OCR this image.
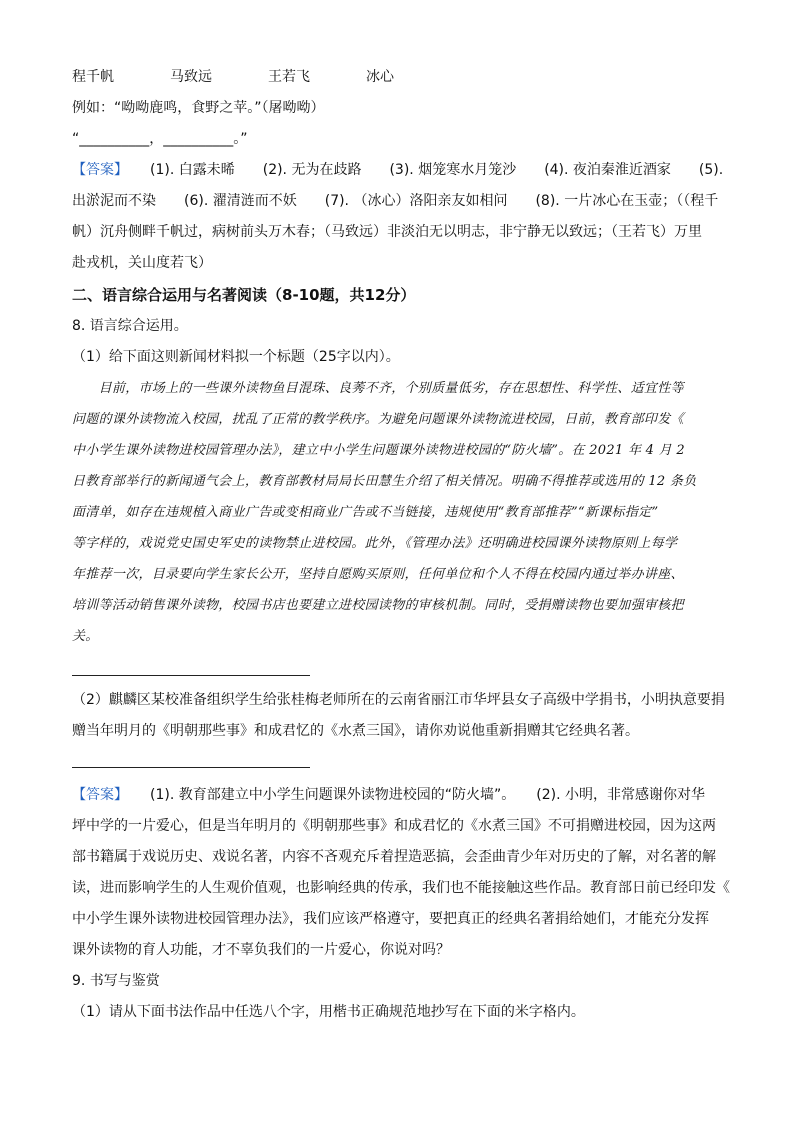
程千帆	马致远	王若飞	冰心
例如：“呦呦鹿鸣，食野之苹。”（屠呦呦）
“__________，__________。”
【答案】 (1). 白露未晞　　(2). 无为在歧路　　(3). 烟笼寒水月笼沙　　(4). 夜泊秦淮近酒家　　(5).
出淤泥而不染　　(6). 濯清涟而不妖　　(7). （冰心）洛阳亲友如相问　　(8). 一片冰心在玉壶；（（程千
帆）沉舟侧畔千帆过，病树前头万木春；（马致远）非淡泊无以明志，非宁静无以致远；（王若飞）万里
赴戎机，关山度若飞）
二、语言综合运用与名著阅读（8-10题，共12分）
8. 语言综合运用。
（1）给下面这则新闻材料拟一个标题（25字以内）。
　　目前，市场上的一些课外读物鱼目混珠、良莠不齐，个别质量低劣，存在思想性、科学性、适宜性等
问题的课外读物流入校园，扰乱了正常的教学秩序。为避免问题课外读物流进校园，日前，教育部印发《
中小学生课外读物进校园管理办法》，建立中小学生问题课外读物进校园的“防火墙”。在 2021 年 4 月 2
日教育部举行的新闻通气会上，教育部教材局局长田慧生介绍了相关情况。明确不得推荐或选用的 12 条负
面清单，如存在违规植入商业广告或变相商业广告或不当链接，违规使用“教育部推荐”“新课标指定”
等字样的，戏说党史国史军史的读物禁止进校园。此外，《管理办法》还明确进校园课外读物原则上每学
年推荐一次，目录要向学生家长公开，坚持自愿购买原则，任何单位和个人不得在校园内通过举办讲座、
培训等活动销售课外读物，校园书店也要建立进校园读物的审核机制。同时，受捐赠读物也要加强审核把
关。
（2）麒麟区某校准备组织学生给张桂梅老师所在的云南省丽江市华坪县女子高级中学捐书，小明执意要捐
赠当年明月的《明朝那些事》和成君忆的《水煮三国》，请你劝说他重新捐赠其它经典名著。
【答案】 (1). 教育部建立中小学生问题课外读物进校园的“防火墙”。　　(2). 小明，非常感谢你对华
坪中学的一片爱心，但是当年明月的《明朝那些事》和成君忆的《水煮三国》不可捐赠进校园，因为这两
部书籍属于戏说历史、戏说名著，内容不吝观充斥着捏造恶搞，会歪曲青少年对历史的了解，对名著的解
读，进而影响学生的人生观价值观，也影响经典的传承，我们也不能接触这些作品。教育部日前已经印发《
中小学生课外读物进校园管理办法》，我们应该严格遵守，要把真正的经典名著捐给她们，才能充分发挥
课外读物的育人功能，才不辜负我们的一片爱心，你说对吗？
9. 书写与鉴赏
（1）请从下面书法作品中任选八个字，用楷书正确规范地抄写在下面的米字格内。
